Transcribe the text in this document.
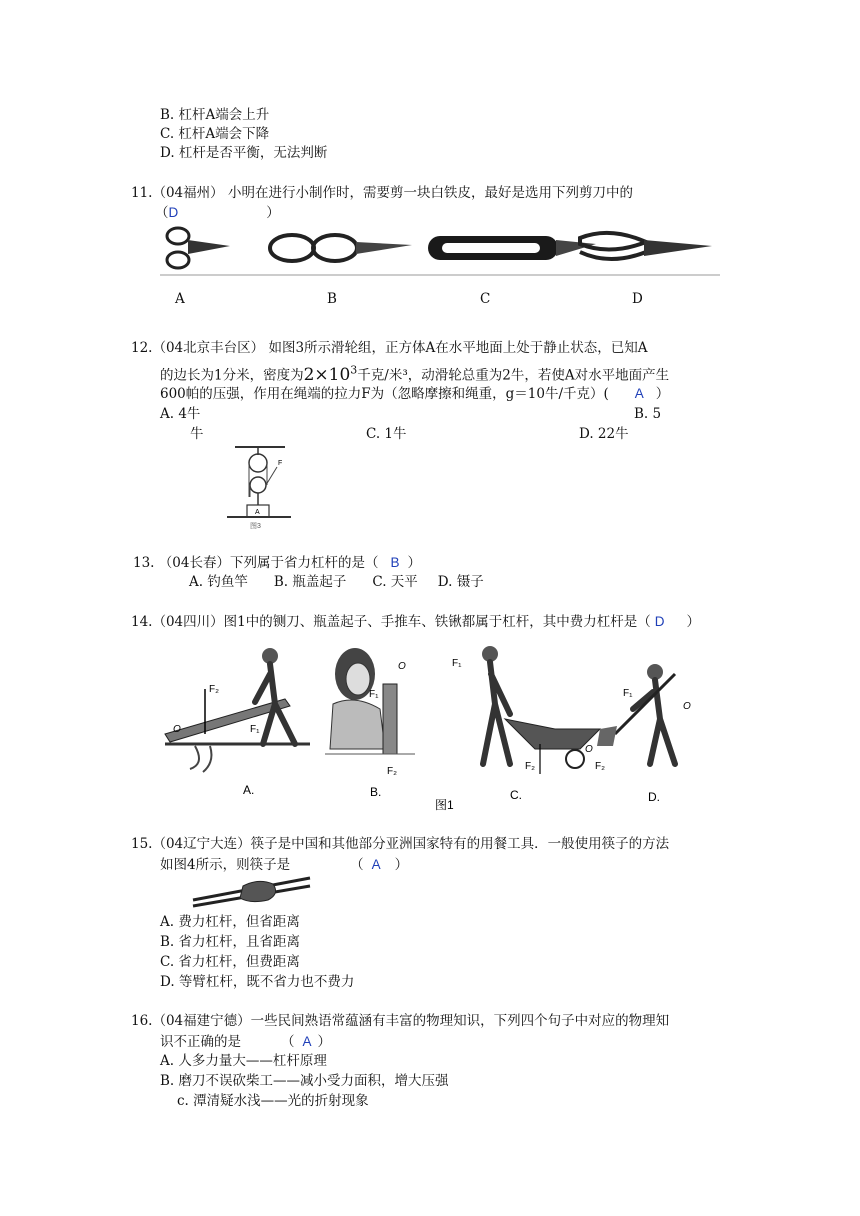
B. 杠杆A端会上升
C. 杠杆A端会下降
D. 杠杆是否平衡，无法判断
11.（04福州） 小明在进行小制作时，需要剪一块白铁皮，最好是选用下列剪刀中的
（D	）
A	B	C	D
12.（04北京丰台区） 如图3所示滑轮组，正方体A在水平地面上处于静止状态，已知A
的边长为1分米，密度为$2\times 10^3$千克/米³，动滑轮总重为2牛，若使A对水平地面产生
600帕的压强，作用在绳端的拉力F为（忽略摩擦和绳重，g＝10牛/千克）( A ）
A. 4牛	B. 5
牛	C. 1牛	D. 22牛
F
A
图3
13. （04长春）下列属于省力杠杆的是（ B ）
A. 钓鱼竿 B. 瓶盖起子 C. 天平 D. 镊子
14.（04四川）图1中的铡刀、瓶盖起子、手推车、铁锹都属于杠杆，其中费力杠杆是（ D ）
F₂
O	F₁
O
F₁
F₂
F₁
O
F₂
F₁
O
F₂
A.	B.
图1
C.	D.
15.（04辽宁大连）筷子是中国和其他部分亚洲国家特有的用餐工具．一般使用筷子的方法
如图4所示，则筷子是	（ A ）
A. 费力杠杆，但省距离
B. 省力杠杆，且省距离
C. 省力杠杆，但费距离
D. 等臂杠杆，既不省力也不费力
16.（04福建宁德）一些民间熟语常蕴涵有丰富的物理知识，下列四个句子中对应的物理知
识不正确的是	（ A ）
A. 人多力量大——杠杆原理
B. 磨刀不误砍柴工——减小受力面积，增大压强
c. 潭清疑水浅——光的折射现象
